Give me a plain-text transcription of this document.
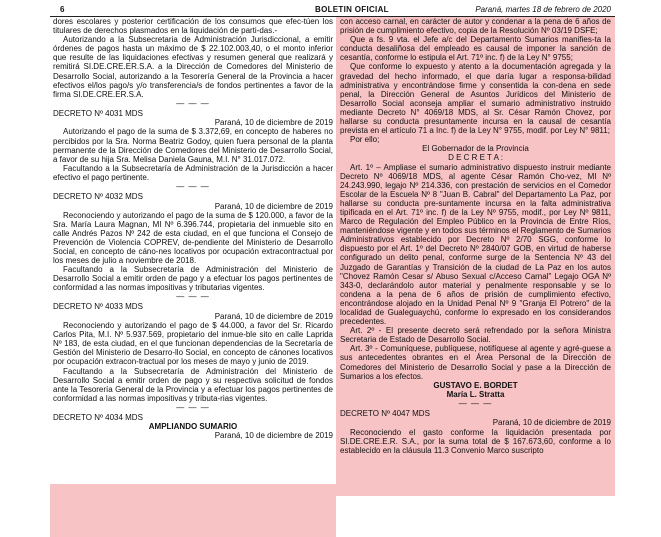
6	BOLETIN OFICIAL	Paraná, martes 18 de febrero de 2020

dores escolares y posterior certificación de los consumos que efec-túen los titulares de derechos plasmados en la liquidación de parti-das.-

Autorizando a la Subsecretaria de Administración Jurisdiccional, a emitir órdenes de pagos hasta un máximo de $ 22.102.003,40, o el monto inferior que resulte de las liquidaciones efectivas y resumen general que realizará y remitirá SI.DE.CRE.ER.S.A. a la Dirección de Comedores del Ministerio de Desarrollo Social, autorizando a la Tesorería General de la Provincia a hacer efectivos el/los pago/s y/o transferencia/s de fondos pertinentes a favor de la firma SI.DE.CRE.ER.S.A.

— — —
DECRETO Nº 4031 MDS
Paraná, 10 de diciembre de 2019

Autorizando el pago de la suma de $ 3.372,69, en concepto de haberes no percibidos por la Sra. Norma Beatriz Godoy, quien fuera personal de la planta permanente de la Dirección de Comedores del Ministerio de Desarrollo Social, a favor de su hija Sra. Melisa Daniela Gauna, M.I. N° 31.017.072.

Facultando a la Subsecretaría de Administración de la Jurisdicción a hacer efectivo el pago pertinente.

— — —
DECRETO Nº 4032 MDS
Paraná, 10 de diciembre de 2019

Reconociendo y autorizando el pago de la suma de $ 120.000, a favor de la Sra. María Laura Magnan, MI Nº 6.396.744, propietaria del inmueble sito en calle Andrés Pazos Nº 242 de esta ciudad, en el que funciona el Consejo de Prevención de Violencia COPREV, de-pendiente del Ministerio de Desarrollo Social, en concepto de cáno-nes locativos por ocupación extracontractual por los meses de julio a noviembre de 2018.

Facultando a la Subsecretaría de Administración del Ministerio de Desarrollo Social a emitir orden de pago y a efectuar los pagos pertinentes de conformidad a las normas impositivas y tributarias vigentes.

— — —
DECRETO Nº 4033 MDS
Paraná, 10 de diciembre de 2019

Reconociendo y autorizando el pago de $ 44.000, a favor del Sr. Ricardo Carlos Pita, M.I. Nº 5.937.569, propietario del inmue-ble sito en calle Laprida Nº 183, de esta ciudad, en el que funcionan dependencias de la Secretaría de Gestión del Ministerio de Desarro-llo Social, en concepto de cánones locativos por ocupación extracon-tractual por los meses de mayo y junio de 2019.

Facultando a la Subsecretaría de Administración del Ministerio de Desarrollo Social a emitir orden de pago y su respectiva solicitud de fondos ante la Tesorería General de la Provincia y a efectuar los pagos pertinentes de conformidad a las normas impositivas y tributa-rias vigentes.

— — —
DECRETO Nº 4034 MDS
AMPLIANDO SUMARIO
Paraná, 10 de diciembre de 2019

con acceso carnal, en carácter de autor y condenar a la pena de 6 años de prisión de cumplimiento efectivo, copia de la Resolución Nº 03/19 DSFE;

Que a fs. 9 vta. el Jefe a/c del Departamento Sumarios manifies-ta la conducta desaliñosa del empleado es causal de imponer la sanción de cesantía, conforme lo estipula el Art. 71º inc. f) de la Ley N° 9755;

Que conforme lo expuesto y atento a la documentación agregada y la gravedad del hecho informado, el que daría lugar a responsa-bilidad administrativa y encontrándose firme y consentida la con-dena en sede penal, la Dirección General de Asuntos Jurídicos del Ministerio de Desarrollo Social aconseja ampliar el sumario administrativo instruido mediante Decreto N° 4069/18 MDS, al Sr. César Ramón Chovez, por hallarse su conducta presuntamente incursa en la causal de cesantía prevista en el artículo 71 a Inc. f) de la Ley N° 9755, modif. por Ley N° 9811;

Por ello;

El Gobernador de la Provincia
D E C R E T A :

Art. 1º – Ampliase el sumario administrativo dispuesto instruir mediante Decreto Nº 4069/18 MDS, al agente César Ramón Cho-vez, MI Nº 24.243.990, legajo Nº 214.336, con prestación de servicios en el Comedor Escolar de la Escuela Nº 8 "Juan B. Cabral" del Departamento La Paz, por hallarse su conducta pre-suntamente incursa en la falta administrativa tipificada en el Art. 71º inc. f) de la Ley Nº 9755, modif., por Ley Nº 9811, Marco de Regulación del Empleo Público en la Provincia de Entre Ríos, manteniéndose vigente y en todos sus términos el Reglamento de Sumarios Administrativos establecido por Decreto Nº 2/70 SGG, conforme lo dispuesto por el Art. 1º del Decreto Nº 2840/07 GOB, en virtud de haberse configurado un delito penal, conforme surge de la Sentencia Nº 43 del Juzgado de Garantías y Transición de la ciudad de La Paz en los autos "Chovez Ramón Cesar s/ Abuso Sexual c/Acceso Carnal" Legajo OGA Nº 343-0, declarándolo autor material y penalmente responsable y se lo condena a la pena de 6 años de prisión de cumplimiento efectivo, encontrándose alojado en la Unidad Penal Nº 9 "Granja El Potrero" de la localidad de Gualeguaychú, conforme lo expresado en los considerandos precedentes.

Art. 2º - El presente decreto será refrendado por la señora Ministra Secretaria de Estado de Desarrollo Social.

Art. 3º - Comuníquese, publíquese, notifíquese al agente y agré-guese a sus antecedentes obrantes en el Área Personal de la Dirección de Comedores del Ministerio de Desarrollo Social y pase a la Dirección de Sumarios a los efectos.

GUSTAVO E. BORDET
María L. Stratta
— — —
DECRETO Nº 4047 MDS
Paraná, 10 de diciembre de 2019

Reconociendo el gasto conforme la liquidación presentada por SI.DE.CRE.E.R. S.A., por la suma total de $ 167.673,60, conforme a lo establecido en la cláusula 11.3 Convenio Marco suscripto
